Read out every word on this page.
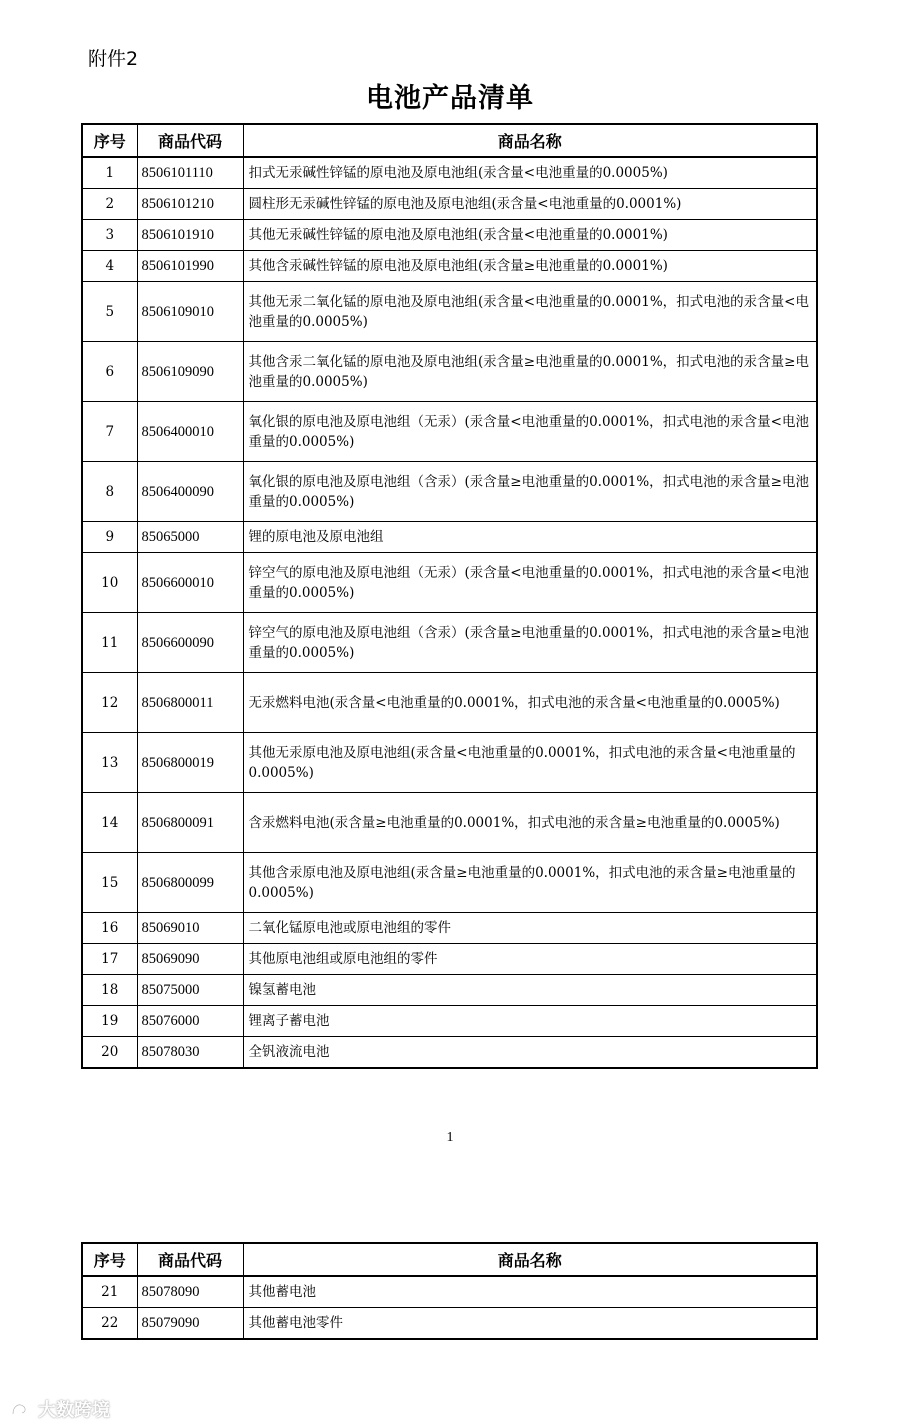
附件2
电池产品清单
序号	商品代码	商品名称
1	8506101110	扣式无汞碱性锌锰的原电池及原电池组(汞含量<电池重量的0.0005%)
2	8506101210	圆柱形无汞碱性锌锰的原电池及原电池组(汞含量<电池重量的0.0001%)
3	8506101910	其他无汞碱性锌锰的原电池及原电池组(汞含量<电池重量的0.0001%)
4	8506101990	其他含汞碱性锌锰的原电池及原电池组(汞含量≥电池重量的0.0001%)
5	8506109010	其他无汞二氧化锰的原电池及原电池组(汞含量<电池重量的0.0001%，扣式电池的汞含量<电池重量的0.0005%)
6	8506109090	其他含汞二氧化锰的原电池及原电池组(汞含量≥电池重量的0.0001%，扣式电池的汞含量≥电池重量的0.0005%)
7	8506400010	氧化银的原电池及原电池组（无汞）(汞含量<电池重量的0.0001%，扣式电池的汞含量<电池重量的0.0005%)
8	8506400090	氧化银的原电池及原电池组（含汞）(汞含量≥电池重量的0.0001%，扣式电池的汞含量≥电池重量的0.0005%)
9	85065000	锂的原电池及原电池组
10	8506600010	锌空气的原电池及原电池组（无汞）(汞含量<电池重量的0.0001%，扣式电池的汞含量<电池重量的0.0005%)
11	8506600090	锌空气的原电池及原电池组（含汞）(汞含量≥电池重量的0.0001%，扣式电池的汞含量≥电池重量的0.0005%)
12	8506800011	无汞燃料电池(汞含量<电池重量的0.0001%，扣式电池的汞含量<电池重量的0.0005%)
13	8506800019	其他无汞原电池及原电池组(汞含量<电池重量的0.0001%，扣式电池的汞含量<电池重量的0.0005%)
14	8506800091	含汞燃料电池(汞含量≥电池重量的0.0001%，扣式电池的汞含量≥电池重量的0.0005%)
15	8506800099	其他含汞原电池及原电池组(汞含量≥电池重量的0.0001%，扣式电池的汞含量≥电池重量的0.0005%)
16	85069010	二氧化锰原电池或原电池组的零件
17	85069090	其他原电池组或原电池组的零件
18	85075000	镍氢蓄电池
19	85076000	锂离子蓄电池
20	85078030	全钒液流电池
1
序号	商品代码	商品名称
21	85078090	其他蓄电池
22	85079090	其他蓄电池零件
大数跨境
